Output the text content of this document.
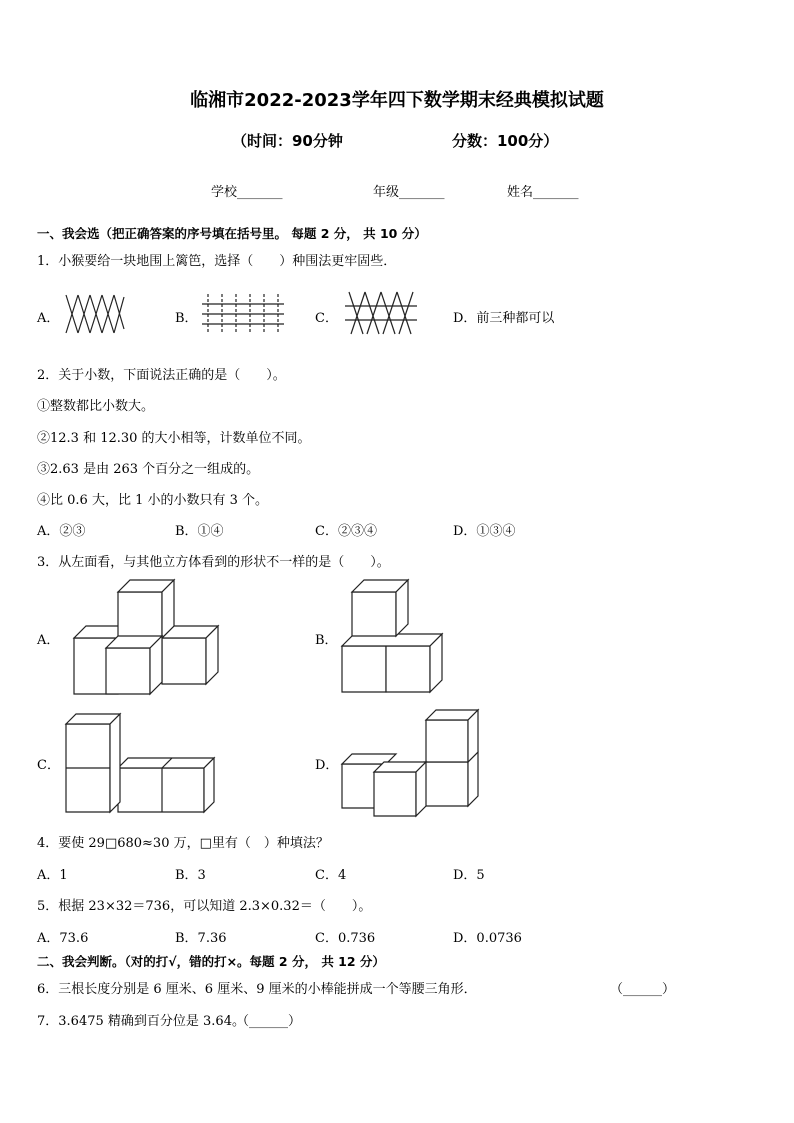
临湘市2022-2023学年四下数学期末经典模拟试题
（时间：90分钟	分数：100分）
学校_______	年级_______	姓名_______
一、我会选（把正确答案的序号填在括号里。 每题 2 分， 共 10 分）
1．小猴要给一块地围上篱笆，选择（　　）种围法更牢固些．
A．	B．	C．	D．前三种都可以
2．关于小数，下面说法正确的是（　　）。
①整数都比小数大。
②12.3 和 12.30 的大小相等，计数单位不同。
③2.63 是由 263 个百分之一组成的。
④比 0.6 大，比 1 小的小数只有 3 个。
A．②③	B．①④	C．②③④	D．①③④
3．从左面看，与其他立方体看到的形状不一样的是（　　）。
A．	B．
C．	D．
4．要使 29□680≈30 万，□里有（　）种填法？
A．1	B．3	C．4	D．5
5．根据 23×32＝736，可以知道 2.3×0.32＝（　　）。
A．73.6	B．7.36	C．0.736	D．0.0736
二、我会判断。（对的打√，错的打×。每题 2 分， 共 12 分）
6．三根长度分别是 6 厘米、6 厘米、9 厘米的小棒能拼成一个等腰三角形．	（______）
7．3.6475 精确到百分位是 3.64。
（______）
